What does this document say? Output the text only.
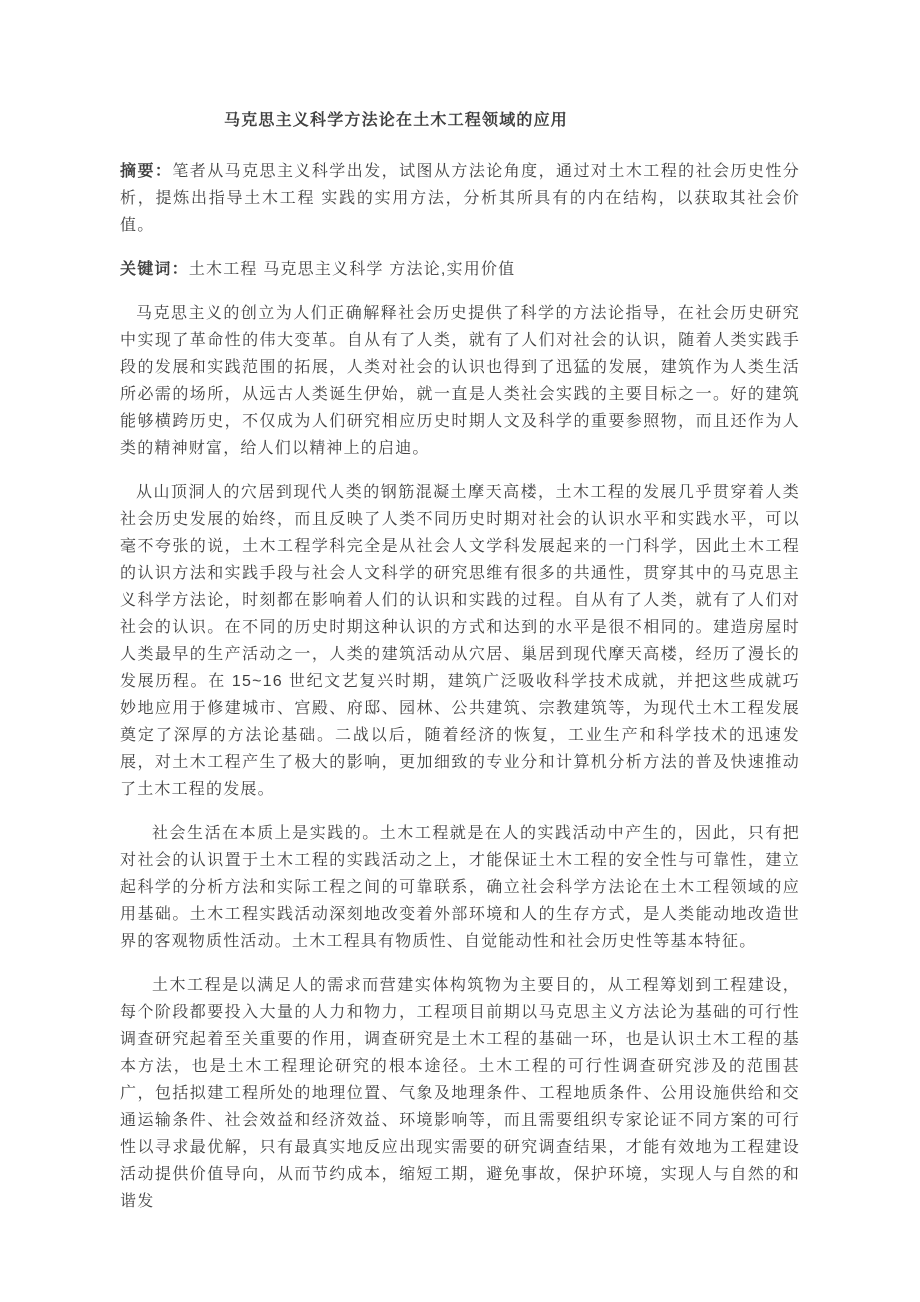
马克思主义科学方法论在土木工程领域的应用

摘要：笔者从马克思主义科学出发，试图从方法论角度，通过对土木工程的社会历史性分析，提炼出指导土木工程 实践的实用方法，分析其所具有的内在结构，以获取其社会价值。

关键词：土木工程 马克思主义科学 方法论,实用价值

马克思主义的创立为人们正确解释社会历史提供了科学的方法论指导，在社会历史研究中实现了革命性的伟大变革。自从有了人类，就有了人们对社会的认识，随着人类实践手段的发展和实践范围的拓展，人类对社会的认识也得到了迅猛的发展，建筑作为人类生活所必需的场所，从远古人类诞生伊始，就一直是人类社会实践的主要目标之一。好的建筑能够横跨历史，不仅成为人们研究相应历史时期人文及科学的重要参照物，而且还作为人类的精神财富，给人们以精神上的启迪。

从山顶洞人的穴居到现代人类的钢筋混凝土摩天高楼，土木工程的发展几乎贯穿着人类社会历史发展的始终，而且反映了人类不同历史时期对社会的认识水平和实践水平，可以毫不夸张的说，土木工程学科完全是从社会人文学科发展起来的一门科学，因此土木工程的认识方法和实践手段与社会人文科学的研究思维有很多的共通性，贯穿其中的马克思主义科学方法论，时刻都在影响着人们的认识和实践的过程。自从有了人类，就有了人们对社会的认识。在不同的历史时期这种认识的方式和达到的水平是很不相同的。建造房屋时人类最早的生产活动之一，人类的建筑活动从穴居、巢居到现代摩天高楼，经历了漫长的发展历程。在 15~16 世纪文艺复兴时期，建筑广泛吸收科学技术成就，并把这些成就巧妙地应用于修建城市、宫殿、府邸、园林、公共建筑、宗教建筑等，为现代土木工程发展奠定了深厚的方法论基础。二战以后，随着经济的恢复，工业生产和科学技术的迅速发展，对土木工程产生了极大的影响，更加细致的专业分和计算机分析方法的普及快速推动了土木工程的发展。

社会生活在本质上是实践的。土木工程就是在人的实践活动中产生的，因此，只有把对社会的认识置于土木工程的实践活动之上，才能保证土木工程的安全性与可靠性，建立起科学的分析方法和实际工程之间的可靠联系，确立社会科学方法论在土木工程领域的应用基础。土木工程实践活动深刻地改变着外部环境和人的生存方式，是人类能动地改造世界的客观物质性活动。土木工程具有物质性、自觉能动性和社会历史性等基本特征。

土木工程是以满足人的需求而营建实体构筑物为主要目的，从工程筹划到工程建设，每个阶段都要投入大量的人力和物力，工程项目前期以马克思主义方法论为基础的可行性调查研究起着至关重要的作用，调查研究是土木工程的基础一环，也是认识土木工程的基本方法，也是土木工程理论研究的根本途径。土木工程的可行性调查研究涉及的范围甚广，包括拟建工程所处的地理位置、气象及地理条件、工程地质条件、公用设施供给和交通运输条件、社会效益和经济效益、环境影响等，而且需要组织专家论证不同方案的可行性以寻求最优解，只有最真实地反应出现实需要的研究调查结果，才能有效地为工程建设活动提供价值导向，从而节约成本，缩短工期，避免事故，保护环境，实现人与自然的和谐发
